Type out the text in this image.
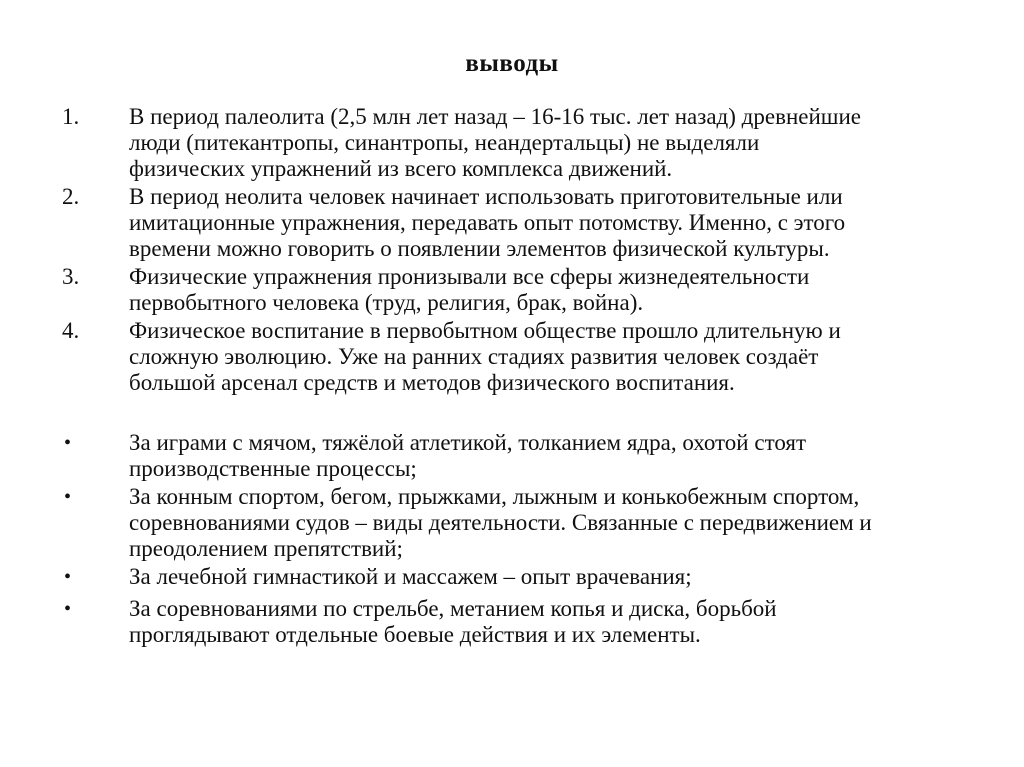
выводы
1. В период палеолита (2,5 млн лет назад – 16-16 тыс. лет назад) древнейшие
люди (питекантропы, синантропы, неандертальцы) не выделяли
физических упражнений из всего комплекса движений.
2. В период неолита человек начинает использовать приготовительные или
имитационные упражнения, передавать опыт потомству. Именно, с этого
времени можно говорить о появлении элементов физической культуры.
3. Физические упражнения пронизывали все сферы жизнедеятельности
первобытного человека (труд, религия, брак, война).
4. Физическое воспитание в первобытном обществе прошло длительную и
сложную эволюцию. Уже на ранних стадиях развития человек создаёт
большой арсенал средств и методов физического воспитания.
•	За играми с мячом, тяжёлой атлетикой, толканием ядра, охотой стоят
производственные процессы;
•	За конным спортом, бегом, прыжками, лыжным и конькобежным спортом,
соревнованиями судов – виды деятельности. Связанные с передвижением и
преодолением препятствий;
•	За лечебной гимнастикой и массажем – опыт врачевания;
•	За соревнованиями по стрельбе, метанием копья и диска, борьбой
проглядывают отдельные боевые действия и их элементы.
